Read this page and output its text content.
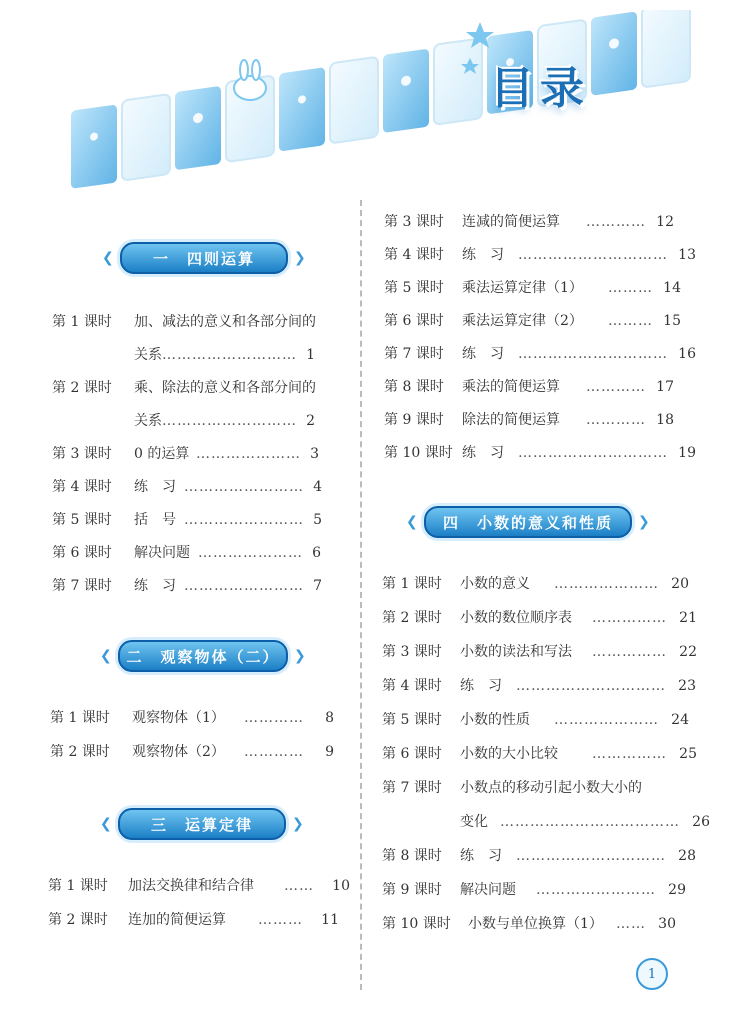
目录
❮ 一　四则运算	❯
❮ 二　观察物体（二） ❯
❮ 三　运算定律	❯
❮ 四　小数的意义和性质 ❯
第 1 课时	加、减法的意义和各部分间的
关系 ……………………… 1
第 2 课时	乘、除法的意义和各部分间的
关系 ……………………… 2
第 3 课时	0 的运算 ………………… 3
第 4 课时	练　习 …………………… 4
第 5 课时	括　号 …………………… 5
第 6 课时	解决问题 ………………… 6
第 7 课时	练　习 …………………… 7
第 1 课时	观察物体（1）	…………	8
第 2 课时	观察物体（2）	…………	9
第 1 课时	加法交换律和结合律	……	10
第 2 课时	连加的简便运算	………	11
第 3 课时	连减的简便运算	………… 12
第 4 课时	练　习	………………………… 13
第 5 课时	乘法运算定律（1）	……… 14
第 6 课时	乘法运算定律（2）	……… 15
第 7 课时	练　习	………………………… 16
第 8 课时	乘法的简便运算	………… 17
第 9 课时	除法的简便运算	………… 18
第 10 课时 练　习	………………………… 19
第 1 课时	小数的意义	………………… 20
第 2 课时	小数的数位顺序表	…………… 21
第 3 课时	小数的读法和写法	…………… 22
第 4 课时	练　习	………………………… 23
第 5 课时	小数的性质	………………… 24
第 6 课时	小数的大小比较	…………… 25
第 7 课时	小数点的移动引起小数大小的
变化 ……………………………… 26
第 8 课时	练　习	………………………… 28
第 9 课时	解决问题	…………………… 29
第 10 课时	小数与单位换算（1） …… 30
1
